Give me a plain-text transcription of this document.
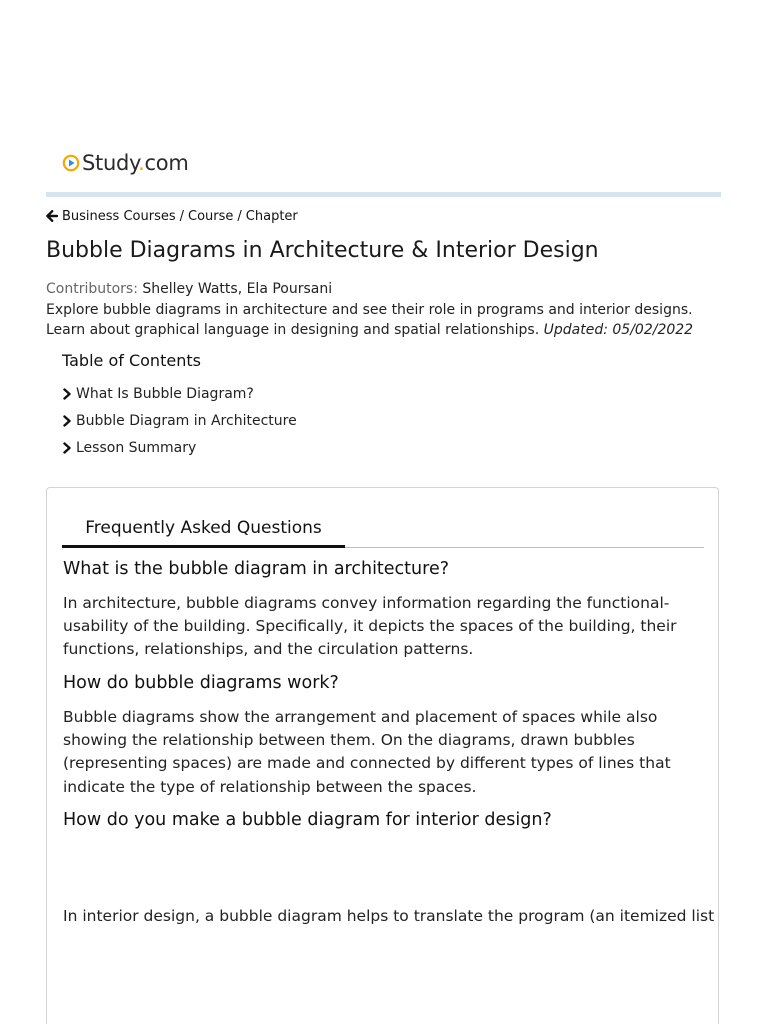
Study.com
Business Courses / Course / Chapter
Bubble Diagrams in Architecture & Interior Design
Contributors: Shelley Watts, Ela Poursani

Explore bubble diagrams in architecture and see their role in programs and interior designs. Learn about graphical language in designing and spatial relationships. Updated: 05/02/2022

Table of Contents
What Is Bubble Diagram?
Bubble Diagram in Architecture
Lesson Summary
Frequently Asked Questions
What is the bubble diagram in architecture?

In architecture, bubble diagrams convey information regarding the functional-usability of the building. Specifically, it depicts the spaces of the building, their functions, relationships, and the circulation patterns.

How do bubble diagrams work?

Bubble diagrams show the arrangement and placement of spaces while also showing the relationship between them. On the diagrams, drawn bubbles (representing spaces) are made and connected by different types of lines that indicate the type of relationship between the spaces.

How do you make a bubble diagram for interior design?

In interior design, a bubble diagram helps to translate the program (an itemized list
